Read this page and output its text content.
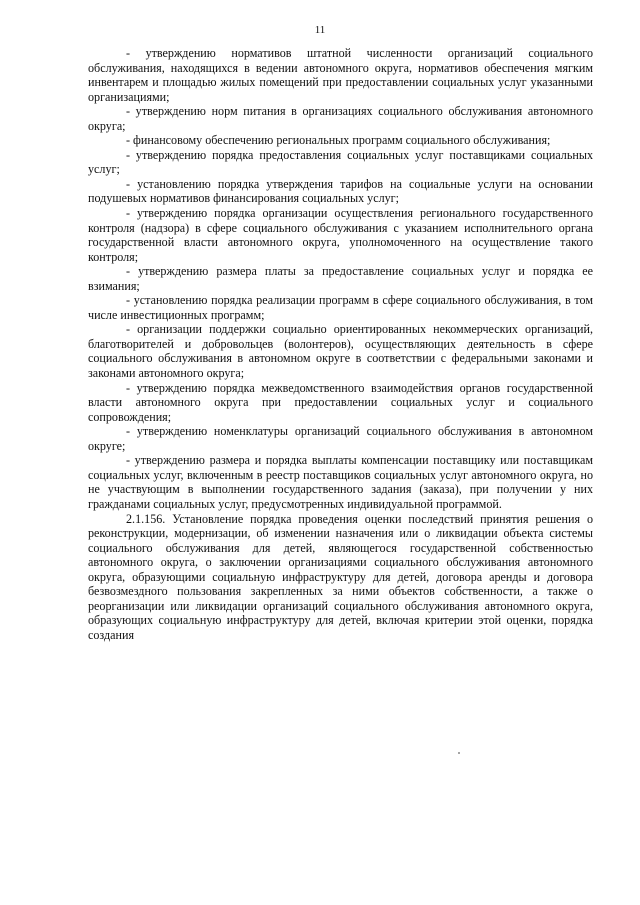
11

- утверждению нормативов штатной численности организаций социального обслуживания, находящихся в ведении автономного округа, нормативов обеспечения мягким инвентарем и площадью жилых помещений при предоставлении социальных услуг указанными организациями;

- утверждению норм питания в организациях социального обслуживания автономного округа;

- финансовому обеспечению региональных программ социального обслуживания;

- утверждению порядка предоставления социальных услуг поставщиками социальных услуг;

- установлению порядка утверждения тарифов на социальные услуги на основании подушевых нормативов финансирования социальных услуг;

- утверждению порядка организации осуществления регионального государственного контроля (надзора) в сфере социального обслуживания с указанием исполнительного органа государственной власти автономного округа, уполномоченного на осуществление такого контроля;

- утверждению размера платы за предоставление социальных услуг и порядка ее взимания;

- установлению порядка реализации программ в сфере социального обслуживания, в том числе инвестиционных программ;

- организации поддержки социально ориентированных некоммерческих организаций, благотворителей и добровольцев (волонтеров), осуществляющих деятельность в сфере социального обслуживания в автономном округе в соответствии с федеральными законами и законами автономного округа;

- утверждению порядка межведомственного взаимодействия органов государственной власти автономного округа при предоставлении социальных услуг и социального сопровождения;

- утверждению номенклатуры организаций социального обслуживания в автономном округе;

- утверждению размера и порядка выплаты компенсации поставщику или поставщикам социальных услуг, включенным в реестр поставщиков социальных услуг автономного округа, но не участвующим в выполнении государственного задания (заказа), при получении у них гражданами социальных услуг, предусмотренных индивидуальной программой.

2.1.156. Установление порядка проведения оценки последствий принятия решения о реконструкции, модернизации, об изменении назначения или о ликвидации объекта системы социального обслуживания для детей, являющегося государственной собственностью автономного округа, о заключении организациями социального обслуживания автономного округа, образующими социальную инфраструктуру для детей, договора аренды и договора безвозмездного пользования закрепленных за ними объектов собственности, а также о реорганизации или ликвидации организаций социального обслуживания автономного округа, образующих социальную инфраструктуру для детей, включая критерии этой оценки, порядка создания
